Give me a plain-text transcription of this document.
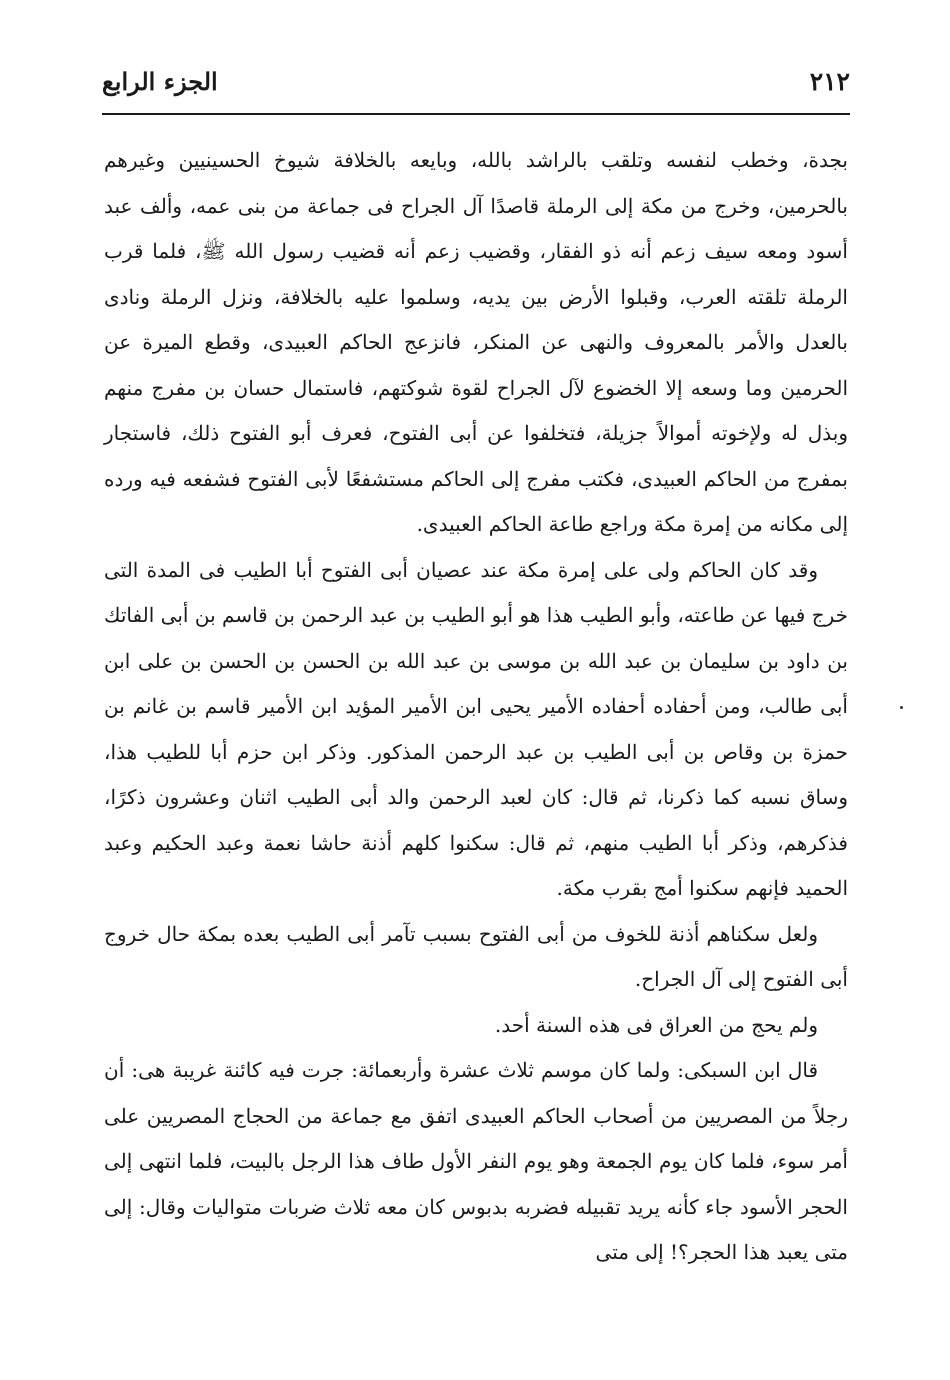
٢١٢
الجزء الرابع

بجدة، وخطب لنفسه وتلقب بالراشد بالله، وبايعه بالخلافة شيوخ الحسينيين وغيرهم بالحرمين، وخرج من مكة إلى الرملة قاصدًا آل الجراح فى جماعة من بنى عمه، وألف عبد أسود ومعه سيف زعم أنه ذو الفقار، وقضيب زعم أنه قضيب رسول الله ﷺ، فلما قرب الرملة تلقته العرب، وقبلوا الأرض بين يديه، وسلموا عليه بالخلافة، ونزل الرملة ونادى بالعدل والأمر بالمعروف والنهى عن المنكر، فانزعج الحاكم العبيدى، وقطع الميرة عن الحرمين وما وسعه إلا الخضوع لآل الجراح لقوة شوكتهم، فاستمال حسان بن مفرج منهم وبذل له ولإخوته أموالاً جزيلة، فتخلفوا عن أبى الفتوح، فعرف أبو الفتوح ذلك، فاستجار بمفرج من الحاكم العبيدى، فكتب مفرج إلى الحاكم مستشفعًا لأبى الفتوح فشفعه فيه ورده إلى مكانه من إمرة مكة وراجع طاعة الحاكم العبيدى.

وقد كان الحاكم ولى على إمرة مكة عند عصيان أبى الفتوح أبا الطيب فى المدة التى خرج فيها عن طاعته، وأبو الطيب هذا هو أبو الطيب بن عبد الرحمن بن قاسم بن أبى الفاتك بن داود بن سليمان بن عبد الله بن موسى بن عبد الله بن الحسن بن الحسن بن على ابن أبى طالب، ومن أحفاده أحفاده الأمير يحيى ابن الأمير المؤيد ابن الأمير قاسم بن غانم بن حمزة بن وقاص بن أبى الطيب بن عبد الرحمن المذكور. وذكر ابن حزم أبا للطيب هذا، وساق نسبه كما ذكرنا، ثم قال: كان لعبد الرحمن والد أبى الطيب اثنان وعشرون ذكرًا، فذكرهم، وذكر أبا الطيب منهم، ثم قال: سكنوا كلهم أذنة حاشا نعمة وعبد الحكيم وعبد الحميد فإنهم سكنوا أمج بقرب مكة.

ولعل سكناهم أذنة للخوف من أبى الفتوح بسبب تآمر أبى الطيب بعده بمكة حال خروج أبى الفتوح إلى آل الجراح.

ولم يحج من العراق فى هذه السنة أحد.

قال ابن السبكى: ولما كان موسم ثلاث عشرة وأربعمائة: جرت فيه كائنة غريبة هى: أن رجلاً من المصريين من أصحاب الحاكم العبيدى اتفق مع جماعة من الحجاج المصريين على أمر سوء، فلما كان يوم الجمعة وهو يوم النفر الأول طاف هذا الرجل بالبيت، فلما انتهى إلى الحجر الأسود جاء كأنه يريد تقبيله فضربه بدبوس كان معه ثلاث ضربات متواليات وقال: إلى متى يعبد هذا الحجر؟! إلى متى
